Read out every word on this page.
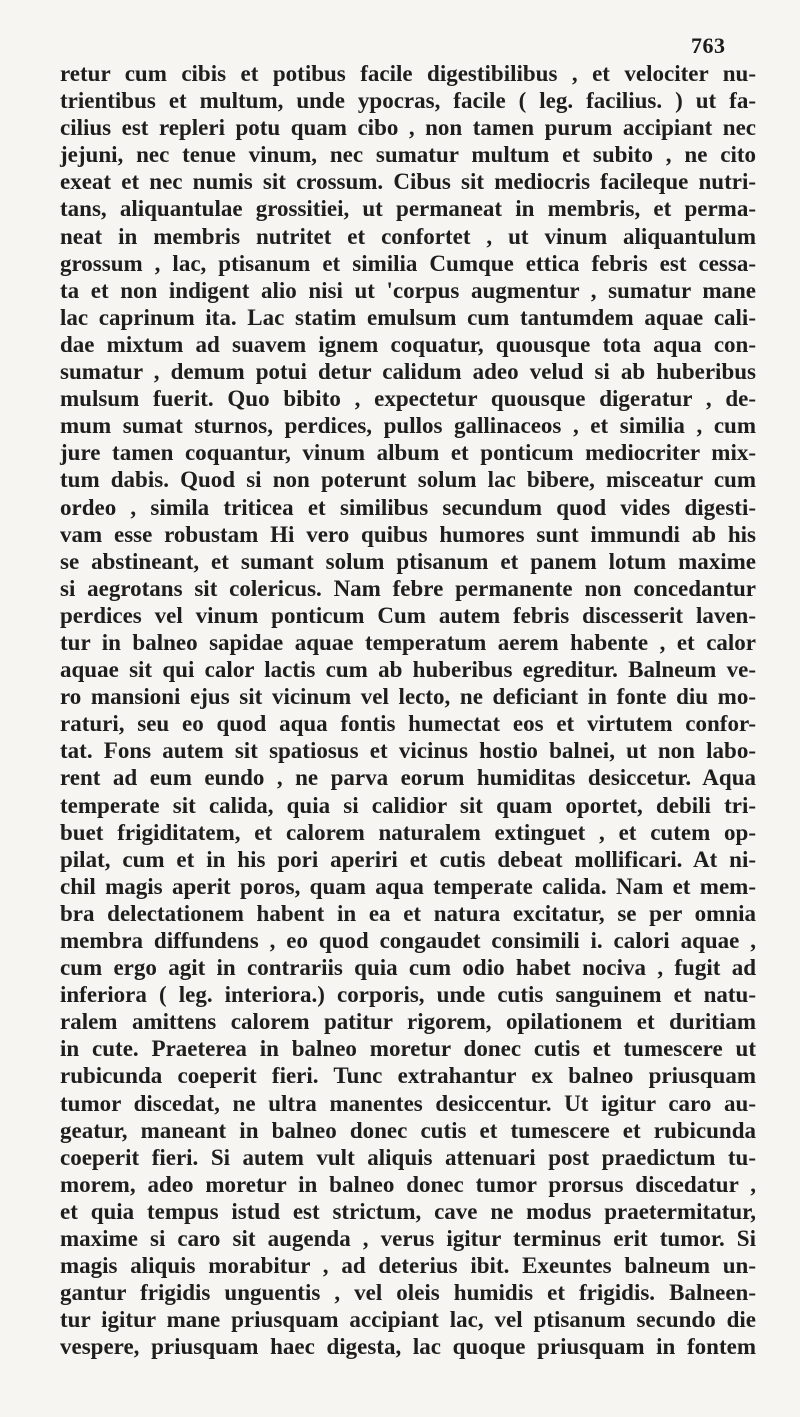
763
retur cum cibis et potibus facile digestibilibus , et velociter nu-
trientibus et multum, unde ypocras, facile ( leg. facilius. ) ut fa-
cilius est repleri potu quam cibo , non tamen purum accipiant nec
jejuni, nec tenue vinum, nec sumatur multum et subito , ne cito
exeat et nec numis sit crossum. Cibus sit mediocris facileque nutri-
tans, aliquantulae grossitiei, ut permaneat in membris, et perma-
neat in membris nutritet et confortet , ut vinum aliquantulum
grossum , lac, ptisanum et similia Cumque ettica febris est cessa-
ta et non indigent alio nisi ut 'corpus augmentur , sumatur mane
lac caprinum ita. Lac statim emulsum cum tantumdem aquae cali-
dae mixtum ad suavem ignem coquatur, quousque tota aqua con-
sumatur , demum potui detur calidum adeo velud si ab huberibus
mulsum fuerit. Quo bibito , expectetur quousque digeratur , de-
mum sumat sturnos, perdices, pullos gallinaceos , et similia , cum
jure tamen coquantur, vinum album et ponticum mediocriter mix-
tum dabis. Quod si non poterunt solum lac bibere, misceatur cum
ordeo , simila triticea et similibus secundum quod vides digesti-
vam esse robustam Hi vero quibus humores sunt immundi ab his
se abstineant, et sumant solum ptisanum et panem lotum maxime
si aegrotans sit colericus. Nam febre permanente non concedantur
perdices vel vinum ponticum Cum autem febris discesserit laven-
tur in balneo sapidae aquae temperatum aerem habente , et calor
aquae sit qui calor lactis cum ab huberibus egreditur. Balneum ve-
ro mansioni ejus sit vicinum vel lecto, ne deficiant in fonte diu mo-
raturi, seu eo quod aqua fontis humectat eos et virtutem confor-
tat. Fons autem sit spatiosus et vicinus hostio balnei, ut non labo-
rent ad eum eundo , ne parva eorum humiditas desiccetur. Aqua
temperate sit calida, quia si calidior sit quam oportet, debili tri-
buet frigiditatem, et calorem naturalem extinguet , et cutem op-
pilat, cum et in his pori aperiri et cutis debeat mollificari. At ni-
chil magis aperit poros, quam aqua temperate calida. Nam et mem-
bra delectationem habent in ea et natura excitatur, se per omnia
membra diffundens , eo quod congaudet consimili i. calori aquae ,
cum ergo agit in contrariis quia cum odio habet nociva , fugit ad
inferiora ( leg. interiora.) corporis, unde cutis sanguinem et natu-
ralem amittens calorem patitur rigorem, opilationem et duritiam
in cute. Praeterea in balneo moretur donec cutis et tumescere ut
rubicunda coeperit fieri. Tunc extrahantur ex balneo priusquam
tumor discedat, ne ultra manentes desiccentur. Ut igitur caro au-
geatur, maneant in balneo donec cutis et tumescere et rubicunda
coeperit fieri. Si autem vult aliquis attenuari post praedictum tu-
morem, adeo moretur in balneo donec tumor prorsus discedatur ,
et quia tempus istud est strictum, cave ne modus praetermitatur,
maxime si caro sit augenda , verus igitur terminus erit tumor. Si
magis aliquis morabitur , ad deterius ibit. Exeuntes balneum un-
gantur frigidis unguentis , vel oleis humidis et frigidis. Balneen-
tur igitur mane priusquam accipiant lac, vel ptisanum secundo die
vespere, priusquam haec digesta, lac quoque priusquam in fontem
